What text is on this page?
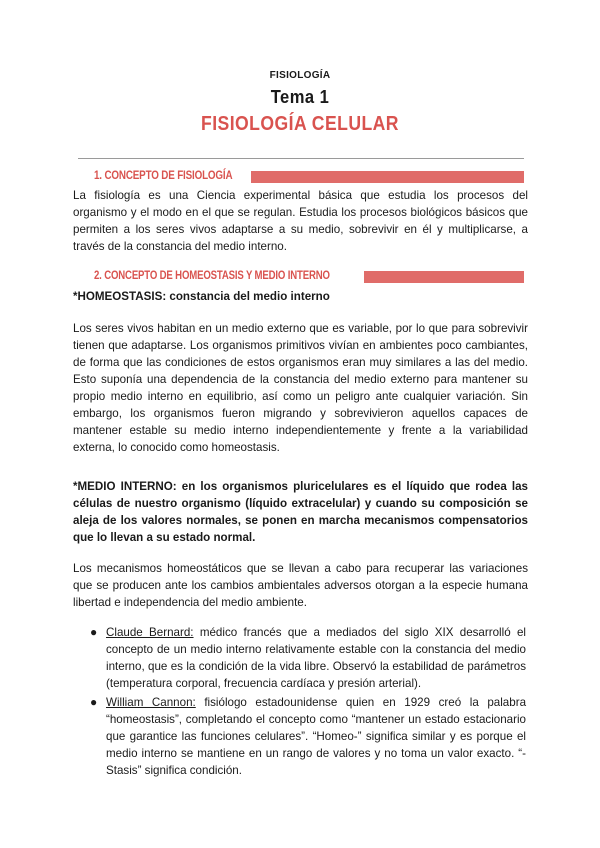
FISIOLOGÍA
Tema 1
FISIOLOGÍA CELULAR
1. CONCEPTO DE FISIOLOGÍA

La fisiología es una Ciencia experimental básica que estudia los procesos del organismo y el modo en el que se regulan. Estudia los procesos biológicos básicos que permiten a los seres vivos adaptarse a su medio, sobrevivir en él y multiplicarse, a través de la constancia del medio interno.

2. CONCEPTO DE HOMEOSTASIS Y MEDIO INTERNO

*HOMEOSTASIS: constancia del medio interno

Los seres vivos habitan en un medio externo que es variable, por lo que para sobrevivir tienen que adaptarse. Los organismos primitivos vivían en ambientes poco cambiantes, de forma que las condiciones de estos organismos eran muy similares a las del medio. Esto suponía una dependencia de la constancia del medio externo para mantener su propio medio interno en equilibrio, así como un peligro ante cualquier variación. Sin embargo, los organismos fueron migrando y sobrevivieron aquellos capaces de mantener estable su medio interno independientemente y frente a la variabilidad externa, lo conocido como homeostasis.

*MEDIO INTERNO: en los organismos pluricelulares es el líquido que rodea las células de nuestro organismo (líquido extracelular) y cuando su composición se aleja de los valores normales, se ponen en marcha mecanismos compensatorios que lo llevan a su estado normal.

Los mecanismos homeostáticos que se llevan a cabo para recuperar las variaciones que se producen ante los cambios ambientales adversos otorgan a la especie humana libertad e independencia del medio ambiente.

● Claude Bernard: médico francés que a mediados del siglo XIX desarrolló el concepto de un medio interno relativamente estable con la constancia del medio interno, que es la condición de la vida libre. Observó la estabilidad de parámetros (temperatura corporal, frecuencia cardíaca y presión arterial).
● William Cannon: fisiólogo estadounidense quien en 1929 creó la palabra “homeostasis”, completando el concepto como “mantener un estado estacionario que garantice las funciones celulares”. “Homeo-” significa similar y es porque el medio interno se mantiene en un rango de valores y no toma un valor exacto. “-Stasis” significa condición.
